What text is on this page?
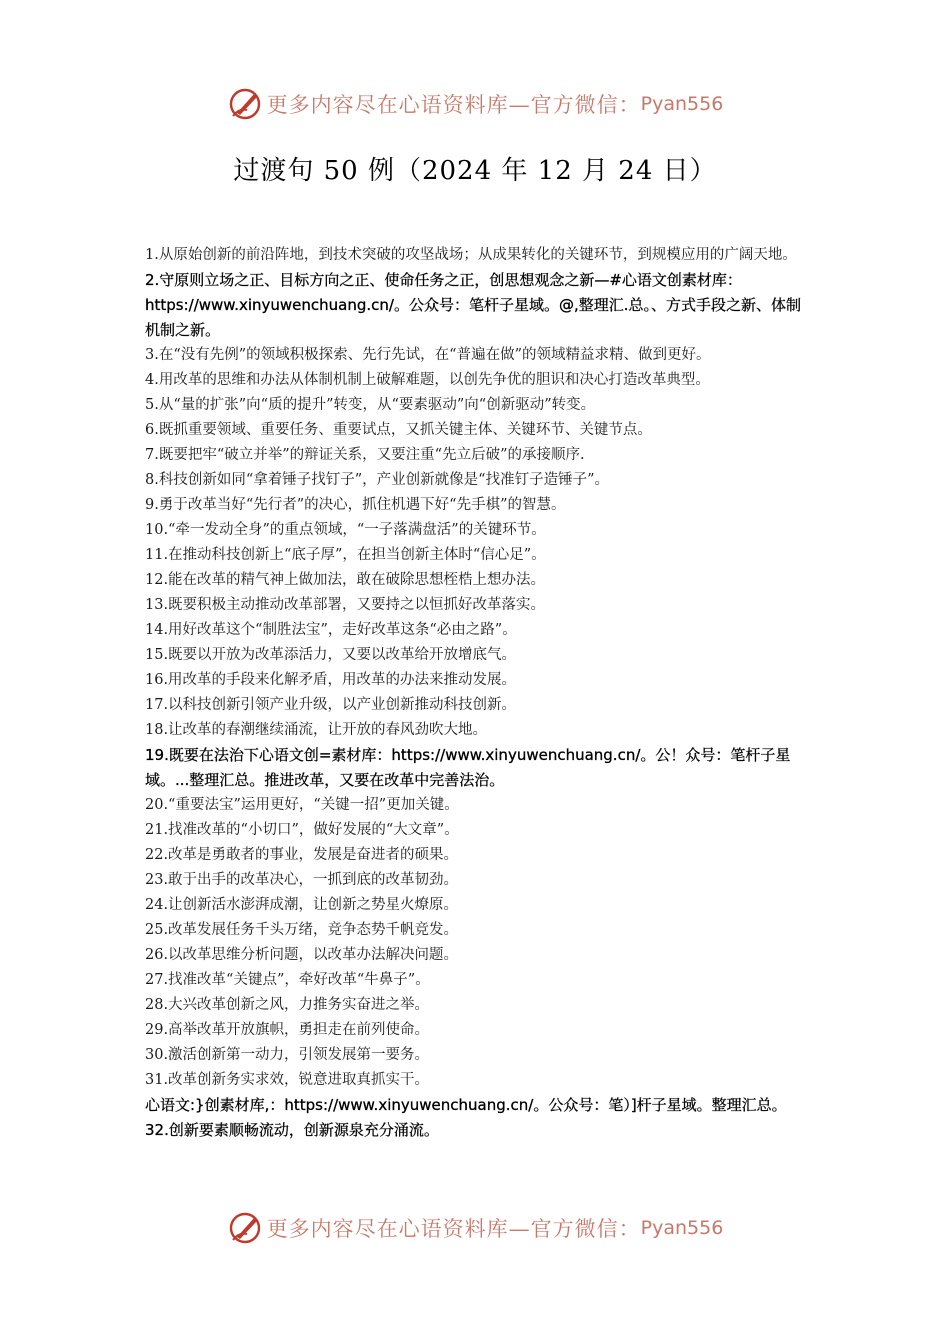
更多内容尽在心语资料库—官方微信： Pyan556
过渡句 50 例（2024 年 12 月 24 日）

1.从原始创新的前沿阵地，到技术突破的攻坚战场；从成果转化的关键环节，到规模应用的广阔天地。

2.守原则立场之正、目标方向之正、使命任务之正，创思想观念之新—#心语文创素材库：https://www.xinyuwenchuang.cn/。公众号：笔杆子星域。@,整理汇.总。、方式手段之新、体制机制之新。

3.在“没有先例”的领域积极探索、先行先试，在“普遍在做”的领域精益求精、做到更好。

4.用改革的思维和办法从体制机制上破解难题，以创先争优的胆识和决心打造改革典型。

5.从“量的扩张”向“质的提升”转变，从“要素驱动”向“创新驱动”转变。

6.既抓重要领域、重要任务、重要试点，又抓关键主体、关键环节、关键节点。

7.既要把牢“破立并举”的辩证关系，又要注重“先立后破”的承接顺序.

8.科技创新如同“拿着锤子找钉子”，产业创新就像是“找准钉子造锤子”。

9.勇于改革当好“先行者”的决心，抓住机遇下好“先手棋”的智慧。

10.“牵一发动全身”的重点领域，“一子落满盘活”的关键环节。

11.在推动科技创新上“底子厚”，在担当创新主体时“信心足”。

12.能在改革的精气神上做加法，敢在破除思想桎梏上想办法。

13.既要积极主动推动改革部署，又要持之以恒抓好改革落实。

14.用好改革这个“制胜法宝”，走好改革这条“必由之路”。

15.既要以开放为改革添活力，又要以改革给开放增底气。

16.用改革的手段来化解矛盾，用改革的办法来推动发展。

17.以科技创新引领产业升级，以产业创新推动科技创新。

18.让改革的春潮继续涌流，让开放的春风劲吹大地。

19.既要在法治下心语文创=素材库：https://www.xinyuwenchuang.cn/。公！众号：笔杆子星域。...整理汇总。推进改革，又要在改革中完善法治。

20.“重要法宝”运用更好，“关键一招”更加关键。

21.找准改革的“小切口”，做好发展的“大文章”。

22.改革是勇敢者的事业，发展是奋进者的硕果。

23.敢于出手的改革决心，一抓到底的改革韧劲。

24.让创新活水澎湃成潮，让创新之势星火燎原。

25.改革发展任务千头万绪，竞争态势千帆竞发。

26.以改革思维分析问题，以改革办法解决问题。

27.找准改革“关键点”，牵好改革“牛鼻子”。

28.大兴改革创新之风，力推务实奋进之举。

29.高举改革开放旗帜，勇担走在前列使命。

30.激活创新第一动力，引领发展第一要务。

31.改革创新务实求效，锐意进取真抓实干。

心语文:}创素材库,：https://www.xinyuwenchuang.cn/。公众号：笔）]杆子星域。整理汇总。32.创新要素顺畅流动，创新源泉充分涌流。

更多内容尽在心语资料库—官方微信： Pyan556
